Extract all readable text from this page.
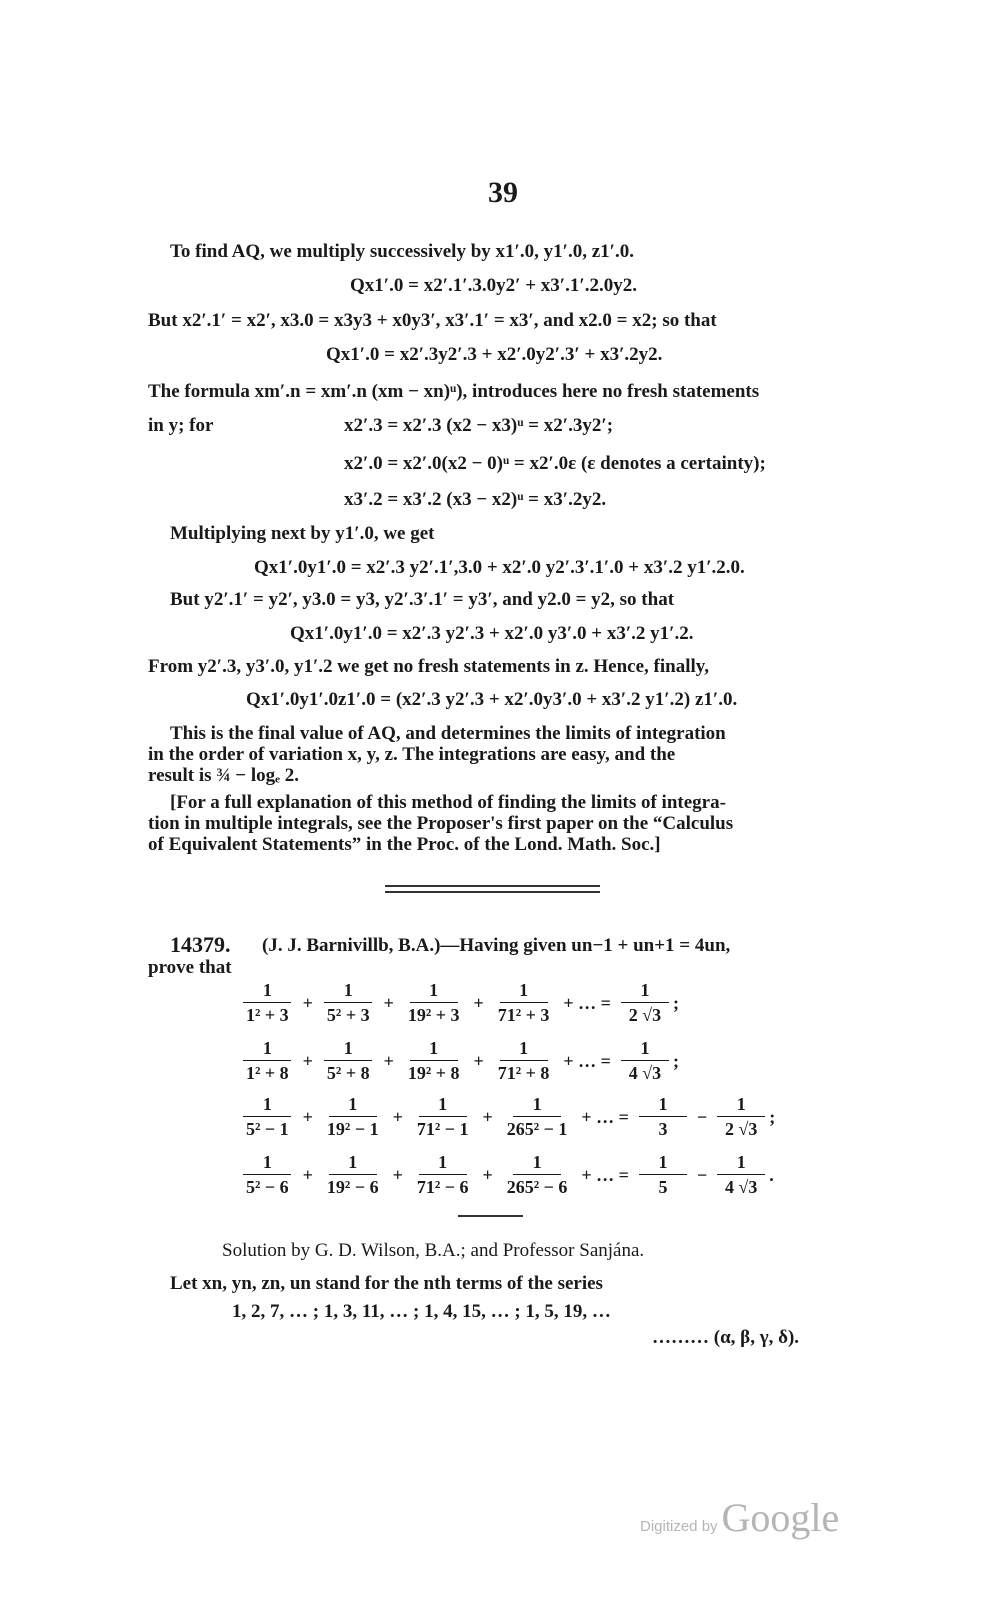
39
To find AQ, we multiply successively by x1′.0, y1′.0, z1′.0.
Qx1′.0 = x2′.1′.3.0y2′ + x3′.1′.2.0y2.
But x2′.1′ = x2′, x3.0 = x3y3 + x0y3′, x3′.1′ = x3′, and x2.0 = x2; so that
Qx1′.0 = x2′.3y2′.3 + x2′.0y2′.3′ + x3′.2y2.
The formula xm′.n = xm′.n (xm − xn)ᵘ), introduces here no fresh statements
in y; for	x2′.3 = x2′.3 (x2 − x3)ᵘ = x2′.3y2′;
x2′.0 = x2′.0(x2 − 0)ᵘ = x2′.0ε (ε denotes a certainty);
x3′.2 = x3′.2 (x3 − x2)ᵘ = x3′.2y2.
Multiplying next by y1′.0, we get
Qx1′.0y1′.0 = x2′.3 y2′.1′,3.0 + x2′.0 y2′.3′.1′.0 + x3′.2 y1′.2.0.
But y2′.1′ = y2′, y3.0 = y3, y2′.3′.1′ = y3′, and y2.0 = y2, so that
Qx1′.0y1′.0 = x2′.3 y2′.3 + x2′.0 y3′.0 + x3′.2 y1′.2.
From y2′.3, y3′.0, y1′.2 we get no fresh statements in z. Hence, finally,
Qx1′.0y1′.0z1′.0 = (x2′.3 y2′.3 + x2′.0y3′.0 + x3′.2 y1′.2) z1′.0.
This is the final value of AQ, and determines the limits of integration
in the order of variation x, y, z. The integrations are easy, and the
result is ¾ − logₑ 2.
[For a full explanation of this method of finding the limits of integra-
tion in multiple integrals, see the Proposer's first paper on the “Calculus
of Equivalent Statements” in the Proc. of the Lond. Math. Soc.]
14379. (J. J. Barnivillb, B.A.)—Having given un−1 + un+1 = 4un,
prove that
$\frac{1}{\text{1² + 3}} + \frac{1}{\text{5² + 3}} + \frac{1}{\text{19² + 3}} + \frac{1}{\text{71² + 3}}$ + … = $\frac{1}{2 √3}$ ;
$\frac{1}{\text{1² + 8}} + \frac{1}{\text{5² + 8}} + \frac{1}{\text{19² + 8}} + \frac{1}{\text{71² + 8}}$ + … = $\frac{1}{4 √3}$ ;
$\frac{1}{\text{5² − 1}} + \frac{1}{\text{19² − 1}} + \frac{1}{\text{71² − 1}} + \frac{1}{\text{265² − 1}}$ + … = $\frac{1}{3} - \frac{1}{2 √3}$ ;
$\frac{1}{\text{5² − 6}} + \frac{1}{\text{19² − 6}} + \frac{1}{\text{71² − 6}} + \frac{1}{\text{265² − 6}}$ + … = $\frac{1}{5} - \frac{1}{4 √3}$ .
Solution by G. D. Wilson, B.A.; and Professor Sanjána.
Let xn, yn, zn, un stand for the nth terms of the series
1, 2, 7, … ; 1, 3, 11, … ; 1, 4, 15, … ; 1, 5, 19, …
……… (α, β, γ, δ).
Digitized by Google
